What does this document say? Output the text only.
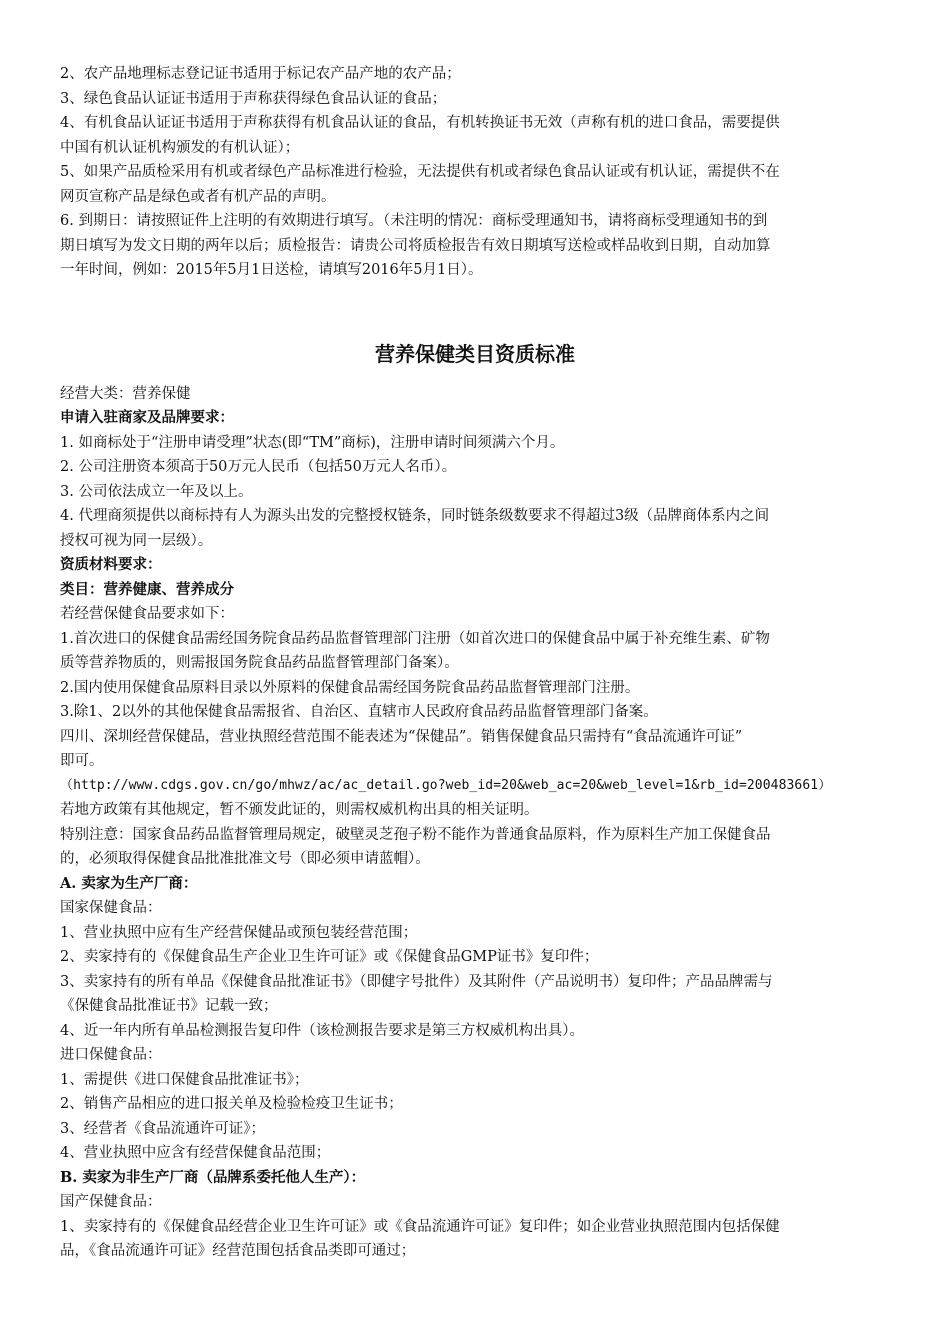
2、农产品地理标志登记证书适用于标记农产品产地的农产品；
3、绿色食品认证证书适用于声称获得绿色食品认证的食品；
4、有机食品认证证书适用于声称获得有机食品认证的食品，有机转换证书无效（声称有机的进口食品，需要提供
中国有机认证机构颁发的有机认证）；
5、如果产品质检采用有机或者绿色产品标准进行检验，无法提供有机或者绿色食品认证或有机认证，需提供不在
网页宣称产品是绿色或者有机产品的声明。
6. 到期日：请按照证件上注明的有效期进行填写。（未注明的情况：商标受理通知书，请将商标受理通知书的到
期日填写为发文日期的两年以后；质检报告：请贵公司将质检报告有效日期填写送检或样品收到日期，自动加算
一年时间，例如：2015年5月1日送检，请填写2016年5月1日）。
营养保健类目资质标准
经营大类：营养保健
申请入驻商家及品牌要求：
1. 如商标处于“注册申请受理”状态(即“TM”商标)，注册申请时间须满六个月。
2. 公司注册资本须高于50万元人民币（包括50万元人名币）。
3. 公司依法成立一年及以上。
4. 代理商须提供以商标持有人为源头出发的完整授权链条，同时链条级数要求不得超过3级（品牌商体系内之间
授权可视为同一层级）。
资质材料要求：
类目：营养健康、营养成分
若经营保健食品要求如下：
1.首次进口的保健食品需经国务院食品药品监督管理部门注册（如首次进口的保健食品中属于补充维生素、矿物
质等营养物质的，则需报国务院食品药品监督管理部门备案）。
2.国内使用保健食品原料目录以外原料的保健食品需经国务院食品药品监督管理部门注册。
3.除1、2以外的其他保健食品需报省、自治区、直辖市人民政府食品药品监督管理部门备案。
四川、深圳经营保健品，营业执照经营范围不能表述为“保健品”。销售保健食品只需持有“食品流通许可证”
即可。
（http://www.cdgs.gov.cn/go/mhwz/ac/ac_detail.go?web_id=20&web_ac=20&web_level=1&rb_id=200483661）
若地方政策有其他规定，暂不颁发此证的，则需权威机构出具的相关证明。
特别注意：国家食品药品监督管理局规定，破壁灵芝孢子粉不能作为普通食品原料，作为原料生产加工保健食品
的，必须取得保健食品批准批准文号（即必须申请蓝帽）。
A. 卖家为生产厂商：
国家保健食品：
1、营业执照中应有生产经营保健品或预包装经营范围；
2、卖家持有的《保健食品生产企业卫生许可证》或《保健食品GMP证书》复印件；
3、卖家持有的所有单品《保健食品批准证书》（即健字号批件）及其附件（产品说明书）复印件；产品品牌需与
《保健食品批准证书》记载一致；
4、近一年内所有单品检测报告复印件（该检测报告要求是第三方权威机构出具）。
进口保健食品：
1、需提供《进口保健食品批准证书》；
2、销售产品相应的进口报关单及检验检疫卫生证书；
3、经营者《食品流通许可证》；
4、营业执照中应含有经营保健食品范围；
B. 卖家为非生产厂商（品牌系委托他人生产）：
国产保健食品：
1、卖家持有的《保健食品经营企业卫生许可证》或《食品流通许可证》复印件；如企业营业执照范围内包括保健
品，《食品流通许可证》经营范围包括食品类即可通过；
